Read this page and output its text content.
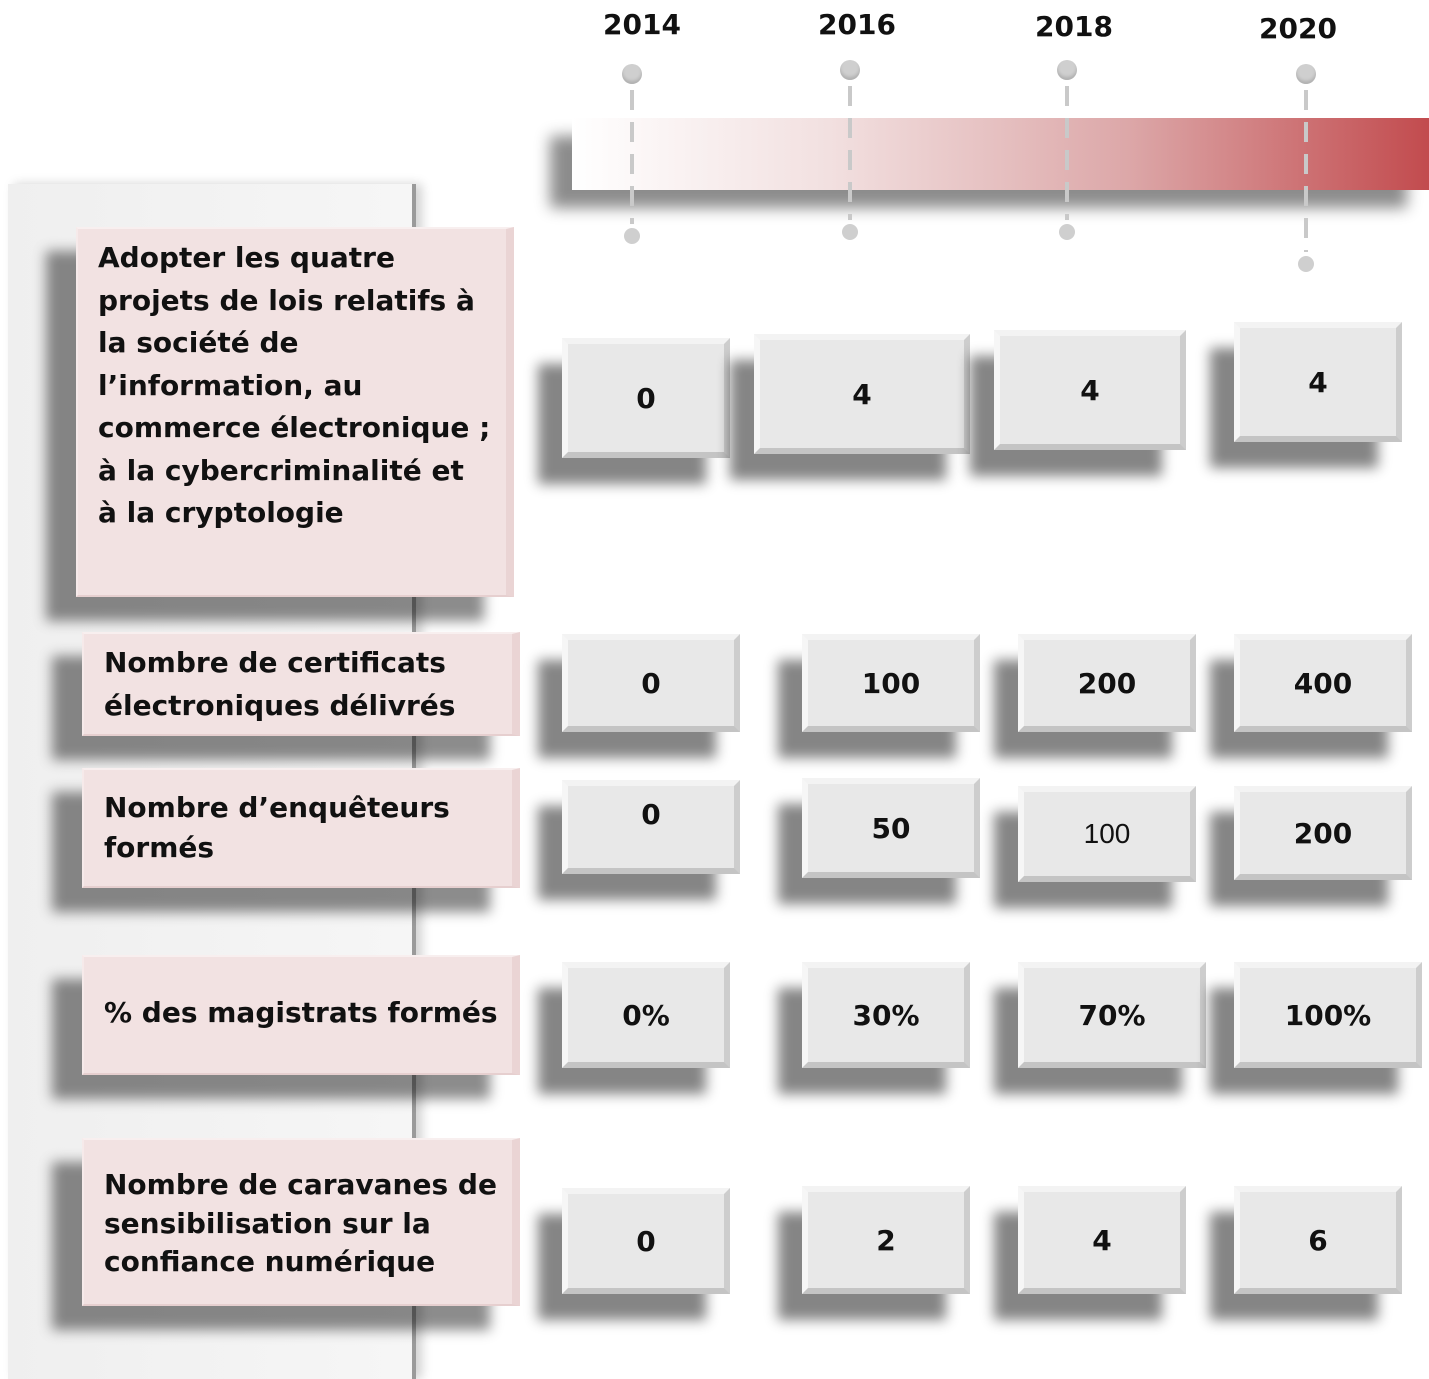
2014	2016	2018	2020
Adopter les quatre projets de lois relatifs à la société de l’information, au commerce électronique ; à la cybercriminalité et à la cryptologie
0	4	4	4
Nombre de certificats électroniques délivrés
0	100	200	400
Nombre d’enquêteurs formés
0	50	100	200
% des magistrats formés	0%	30%	70%	100%
Nombre de caravanes de sensibilisation sur la confiance numérique
0	2	4	6
